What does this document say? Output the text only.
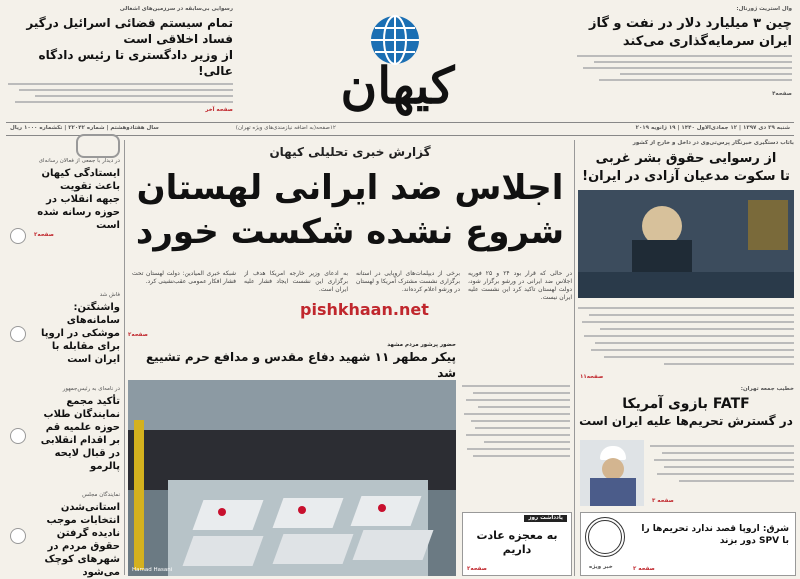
وال استریت ژورنال:
چین ۳ میلیارد دلار در نفت و گاز ایران سرمایه‌گذاری می‌کند
صفحه۴
کیهان
رسوایی بی‌سابقه در سرزمین‌های اشغالی
تمام سیستم قضائی اسرائیل درگیر فساد اخلاقی است
از وزیر دادگستری تا رئیس دادگاه عالی!
صفحه آخر
شنبه ۲۹ دی ۱۳۹۷ | ۱۲ جمادی‌الاول ۱۴۴۰ | ۱۹ ژانویه ۲۰۱۹
۱۲صفحه
(به اضافه نیازمندی‌های ویژه تهران)
سال هفتادوهشتم | شماره ۲۲۰۴۲ | تکشماره ۱۰۰۰ ریال
در دیدار با جمعی از فعالان رسانه‌ای
ایستادگی کیهان باعث تقویت جبهه انقلاب در حوزه رسانه شده است
صفحه۲
فاش شد
واشنگتن: سامانه‌های موشکی در اروپا برای مقابله با ایران است
در نامه‌ای به رئیس‌جمهور
تأکید مجمع نمایندگان طلاب حوزه علمیه قم بر اقدام انقلابی در قبال لایحه پالرمو
نمایندگان مجلس
استانی‌شدن انتخابات موجب نادیده گرفتن حقوق مردم در شهرهای کوچک می‌شود
گزارش خبری تحلیلی کیهان
اجلاس ضد ایرانی لهستان
شروع نشده شکست خورد
در حالی که قرار بود ۲۴ و ۲۵ فوریه اجلاس ضد ایرانی در ورشو برگزار شود، دولت لهستان تاکید کرد این نشست علیه ایران نیست.
برخی از دیپلمات‌های اروپایی در آستانه برگزاری نشست مشترک آمریکا و لهستان در ورشو اعلام کرده‌اند.
به ادعای وزیر خارجه آمریکا هدف از برگزاری این نشست ایجاد فشار علیه ایران است.
شبکه خبری المیادین: دولت لهستان تحت فشار افکار عمومی عقب‌نشینی کرد.
صفحه۲
pishkhaan.net
حضور پرشور مردم مشهد
پیکر مطهر ۱۱ شهید دفاع مقدس و مدافع حرم تشییع شد
Hamad Hasani
یادداشت روز
به معجزه عادت داریم
صفحه۲
باتاب دستگیری خبرنگار پرس‌تی‌وی در داخل و خارج از کشور
از رسوایی حقوق بشر غربی
تا سکوت مدعیان آزادی در ایران!
صفحه۱۱
خطیب جمعه تهران:
FATF بازوی آمریکا
در گسترش تحریم‌ها علیه ایران است
صفحه ۳
خبر ویژه
شرق: اروپا قصد ندارد تحریم‌ها را با SPV دور بزند
صفحه ۲
